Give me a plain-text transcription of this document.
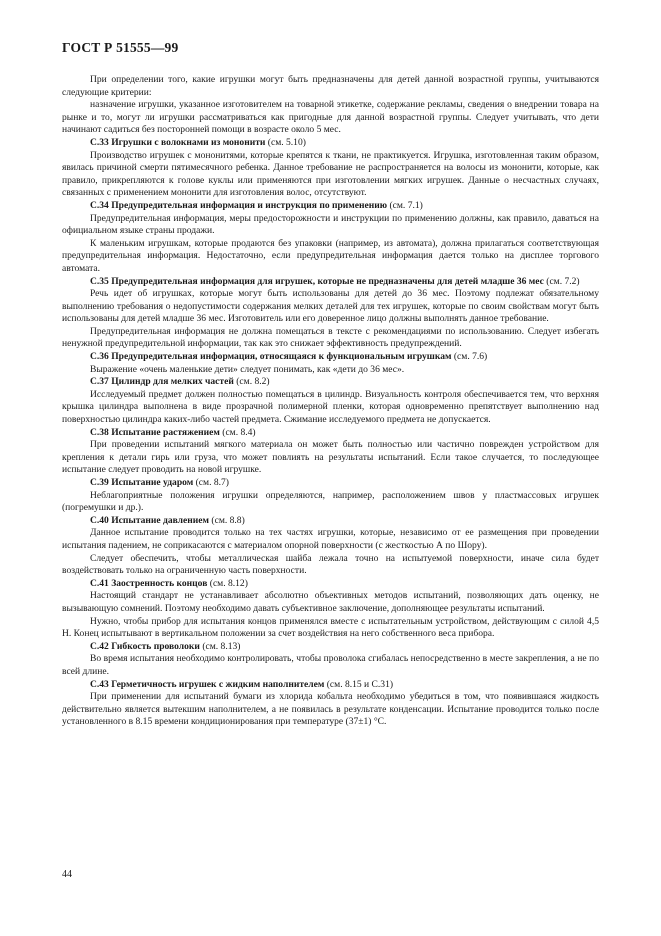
ГОСТ Р 51555—99

При определении того, какие игрушки могут быть предназначены для детей данной возрастной группы, учитываются следующие критерии:

назначение игрушки, указанное изготовителем на товарной этикетке, содержание рекламы, сведения о внедрении товара на рынке и то, могут ли игрушки рассматриваться как пригодные для данной возрастной группы. Следует учитывать, что дети начинают садиться без посторонней помощи в возрасте около 5 мес.

С.33 Игрушки с волокнами из мононити (см. 5.10)

Производство игрушек с мононитями, которые крепятся к ткани, не практикуется. Игрушка, изготовленная таким образом, явилась причиной смерти пятимесячного ребенка. Данное требование не распространяется на волосы из мононити, которые, как правило, прикрепляются к голове куклы или применяются при изготовлении мягких игрушек. Данные о несчастных случаях, связанных с применением мононити для изготовления волос, отсутствуют.

С.34 Предупредительная информация и инструкция по применению (см. 7.1)

Предупредительная информация, меры предосторожности и инструкции по применению должны, как правило, даваться на официальном языке страны продажи.

К маленьким игрушкам, которые продаются без упаковки (например, из автомата), должна прилагаться соответствующая предупредительная информация. Недостаточно, если предупредительная информация дается только на дисплее торгового автомата.

С.35 Предупредительная информация для игрушек, которые не предназначены для детей младше 36 мес (см. 7.2)

Речь идет об игрушках, которые могут быть использованы для детей до 36 мес. Поэтому подлежат обязательному выполнению требования о недопустимости содержания мелких деталей для тех игрушек, которые по своим свойствам могут быть использованы для детей младше 36 мес. Изготовитель или его доверенное лицо должны выполнять данное требование.

Предупредительная информация не должна помещаться в тексте с рекомендациями по использованию. Следует избегать ненужной предупредительной информации, так как это снижает эффективность предупреждений.

С.36 Предупредительная информация, относящаяся к функциональным игрушкам (см. 7.6)

Выражение «очень маленькие дети» следует понимать, как «дети до 36 мес».

С.37 Цилиндр для мелких частей (см. 8.2)

Исследуемый предмет должен полностью помещаться в цилиндр. Визуальность контроля обеспечивается тем, что верхняя крышка цилиндра выполнена в виде прозрачной полимерной пленки, которая одновременно препятствует выполнению над поверхностью цилиндра каких-либо частей предмета. Сжимание исследуемого предмета не допускается.

С.38 Испытание растяжением (см. 8.4)

При проведении испытаний мягкого материала он может быть полностью или частично поврежден устройством для крепления к детали гирь или груза, что может повлиять на результаты испытаний. Если такое случается, то последующее испытание следует проводить на новой игрушке.

С.39 Испытание ударом (см. 8.7)

Неблагоприятные положения игрушки определяются, например, расположением швов у пластмассовых игрушек (погремушки и др.).

С.40 Испытание давлением (см. 8.8)

Данное испытание проводится только на тех частях игрушки, которые, независимо от ее размещения при проведении испытания падением, не соприкасаются с материалом опорной поверхности (с жесткостью А по Шору).

Следует обеспечить, чтобы металлическая шайба лежала точно на испытуемой поверхности, иначе сила будет воздействовать только на ограниченную часть поверхности.

С.41 Заостренность концов (см. 8.12)

Настоящий стандарт не устанавливает абсолютно объективных методов испытаний, позволяющих дать оценку, не вызывающую сомнений. Поэтому необходимо давать субъективное заключение, дополняющее результаты испытаний.

Нужно, чтобы прибор для испытания концов применялся вместе с испытательным устройством, действующим с силой 4,5 Н. Конец испытывают в вертикальном положении за счет воздействия на него собственного веса прибора.

С.42 Гибкость проволоки (см. 8.13)

Во время испытания необходимо контролировать, чтобы проволока сгибалась непосредственно в месте закрепления, а не по всей длине.

С.43 Герметичность игрушек с жидким наполнителем (см. 8.15 и С.31)

При применении для испытаний бумаги из хлорида кобальта необходимо убедиться в том, что появившаяся жидкость действительно является вытекшим наполнителем, а не появилась в результате конденсации. Испытание проводится только после установленного в 8.15 времени кондиционирования при температуре (37±1) °С.

44
